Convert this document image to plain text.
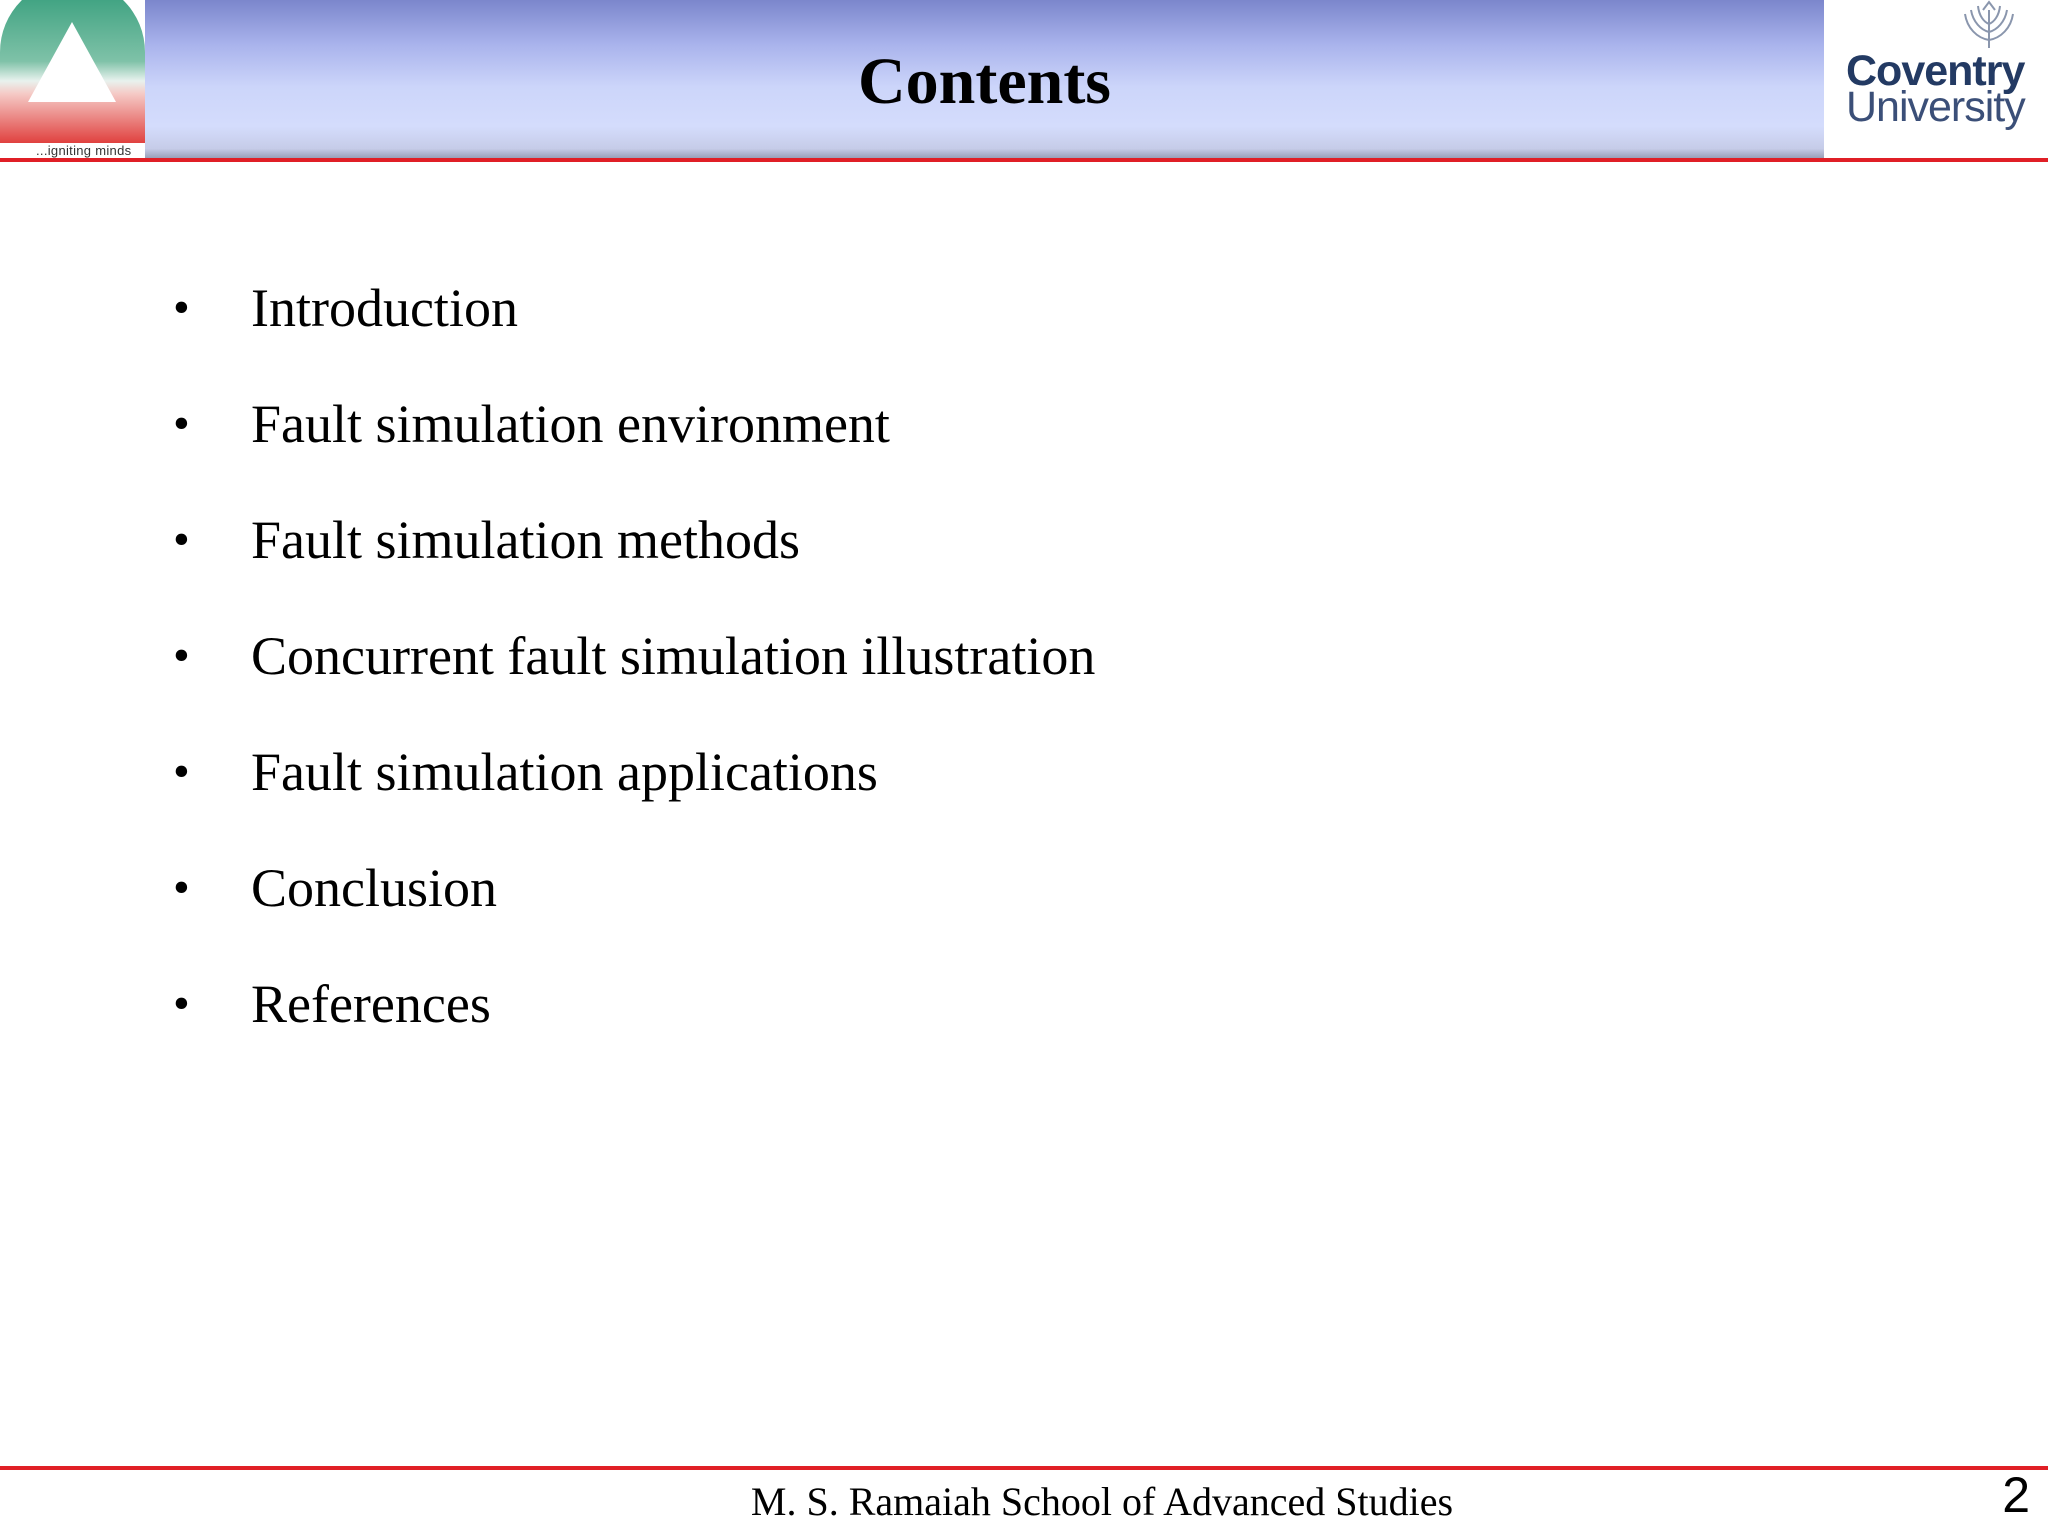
Contents
...igniting minds
Coventry
University
• Introduction
• Fault simulation environment
• Fault simulation methods
• Concurrent fault simulation illustration
• Fault simulation applications
• Conclusion
• References
M. S. Ramaiah School of Advanced Studies	2
